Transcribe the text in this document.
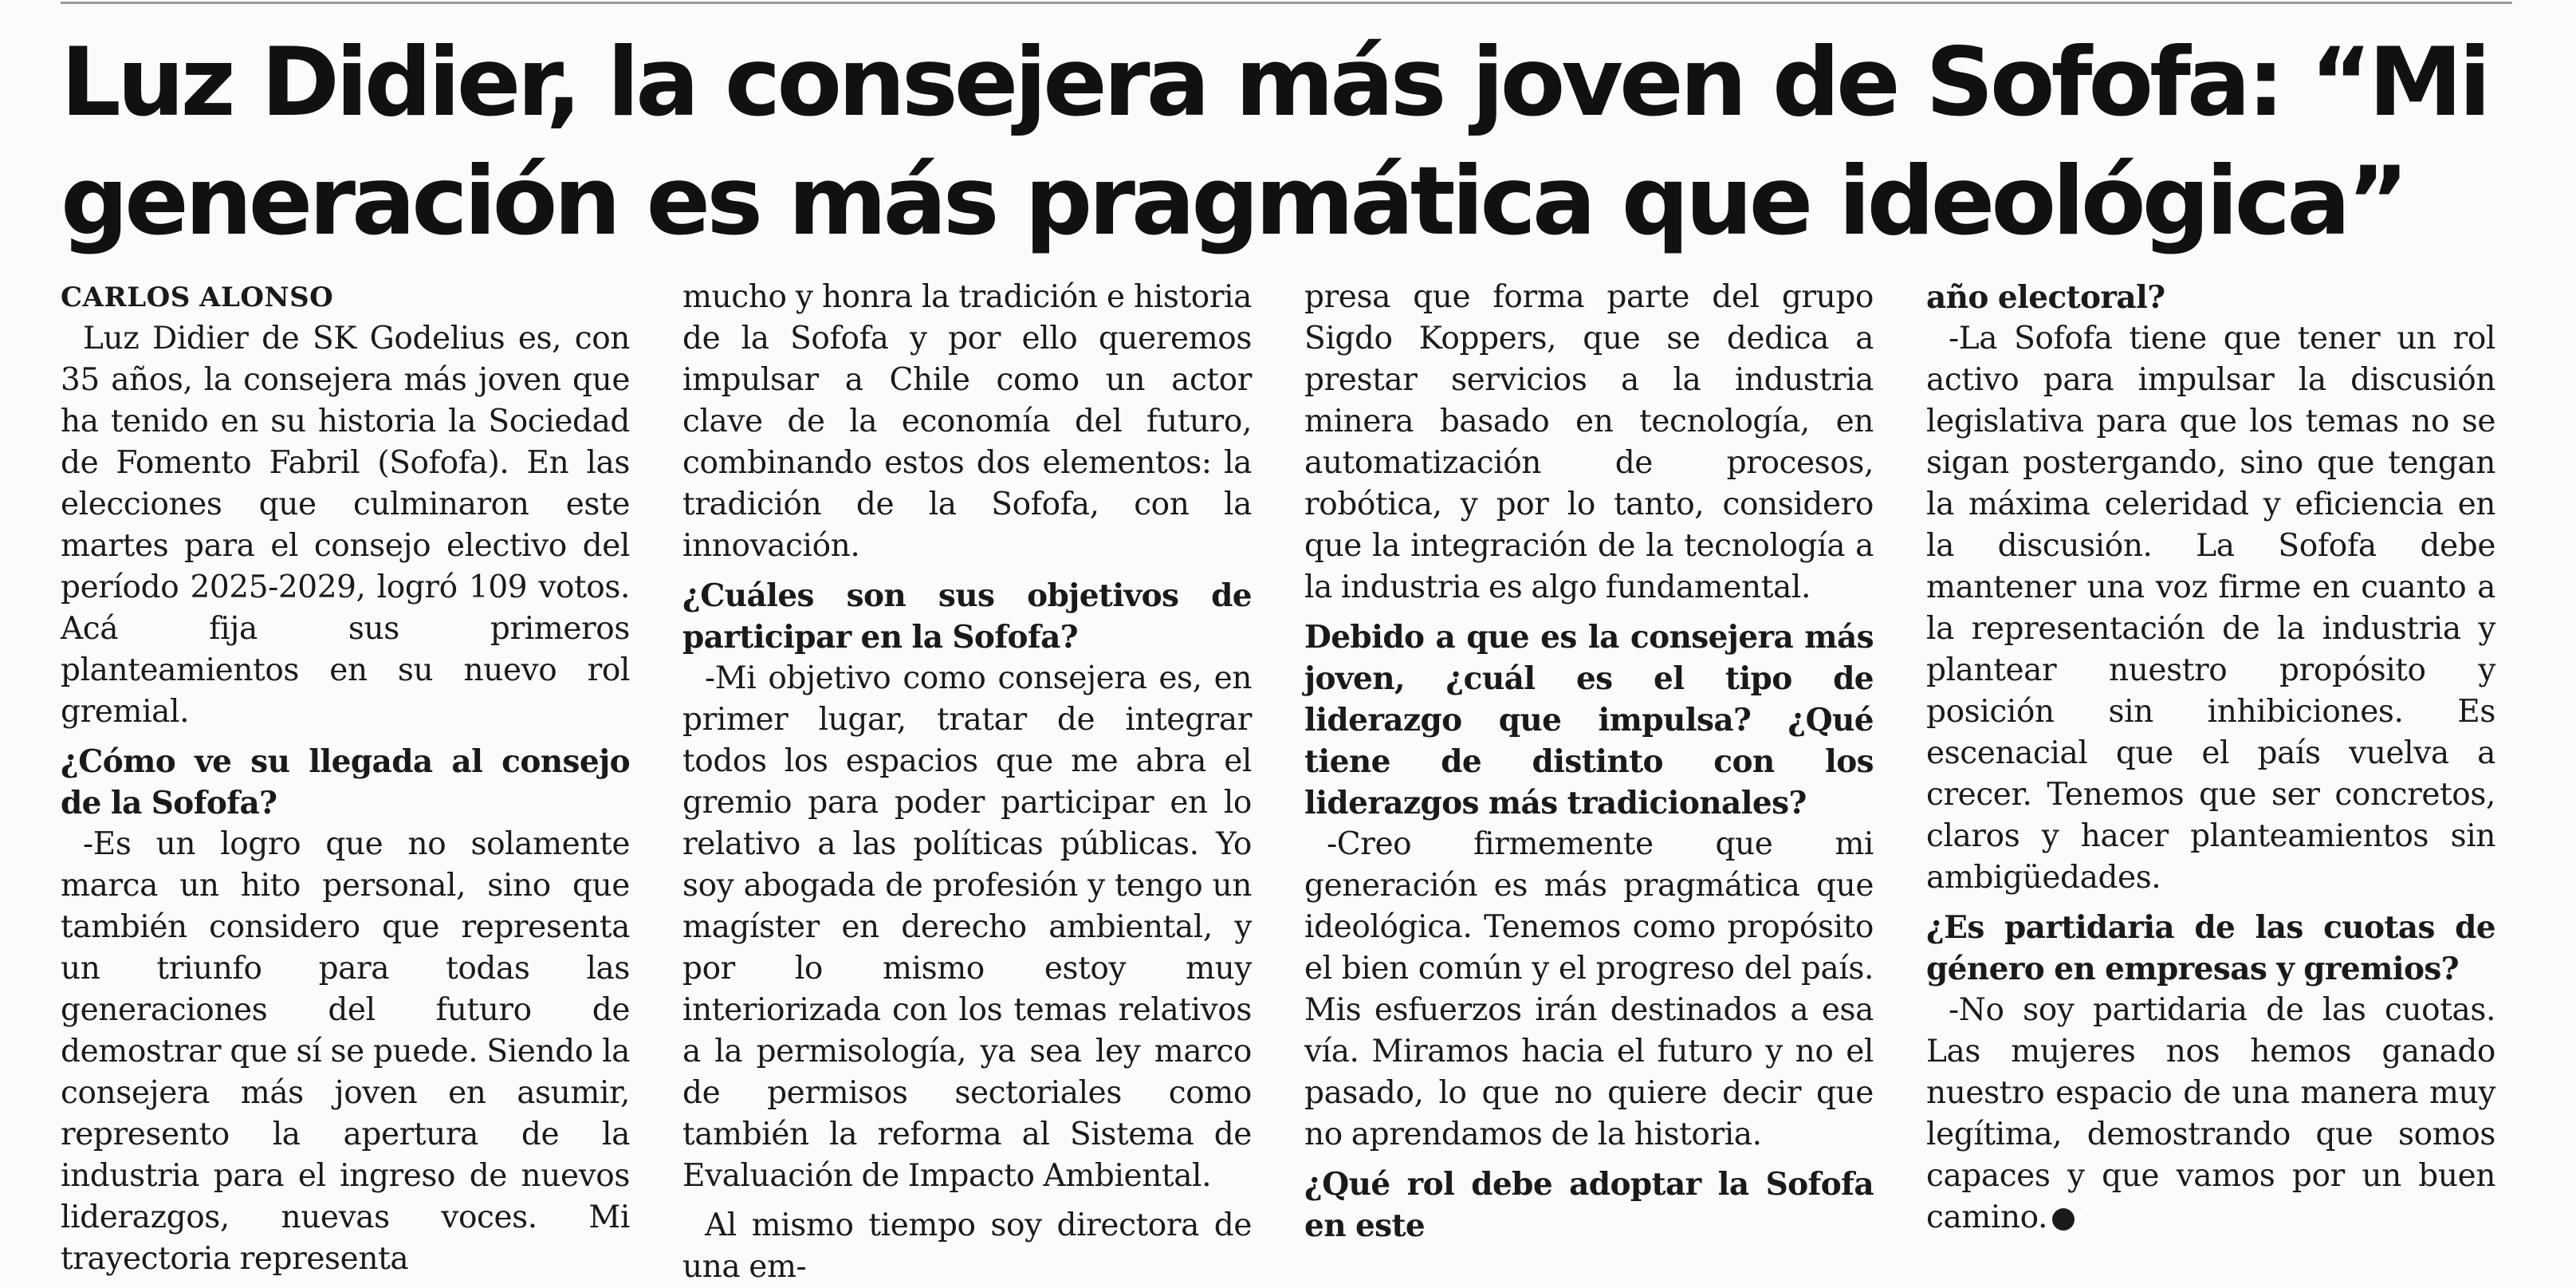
Luz Didier, la consejera más joven de Sofofa: “Mi generación es más pragmática que ideológica”

CARLOS ALONSO

Luz Didier de SK Godelius es, con 35 años, la consejera más joven que ha tenido en su historia la Sociedad de Fomento Fabril (Sofofa). En las elecciones que culminaron este martes para el consejo electivo del período 2025-2029, logró 109 votos. Acá fija sus primeros planteamientos en su nuevo rol gremial.

¿Cómo ve su llegada al consejo de la Sofofa?

-Es un logro que no solamente marca un hito personal, sino que también considero que representa un triunfo para todas las generaciones del futuro de demostrar que sí se puede. Siendo la consejera más joven en asumir, represento la apertura de la industria para el ingreso de nuevos liderazgos, nuevas voces. Mi trayectoria representa

mucho y honra la tradición e historia de la Sofofa y por ello queremos impulsar a Chile como un actor clave de la economía del futuro, combinando estos dos elementos: la tradición de la Sofofa, con la innovación.

¿Cuáles son sus objetivos de participar en la Sofofa?

-Mi objetivo como consejera es, en primer lugar, tratar de integrar todos los espacios que me abra el gremio para poder participar en lo relativo a las políticas públicas. Yo soy abogada de profesión y tengo un magíster en derecho ambiental, y por lo mismo estoy muy interiorizada con los temas relativos a la permisología, ya sea ley marco de permisos sectoriales como también la reforma al Sistema de Evaluación de Impacto Ambiental.

Al mismo tiempo soy directora de una em-

presa que forma parte del grupo Sigdo Koppers, que se dedica a prestar servicios a la industria minera basado en tecnología, en automatización de procesos, robótica, y por lo tanto, considero que la integración de la tecnología a la industria es algo fundamental.

Debido a que es la consejera más joven, ¿cuál es el tipo de liderazgo que impulsa? ¿Qué tiene de distinto con los liderazgos más tradicionales?

-Creo firmemente que mi generación es más pragmática que ideológica. Tenemos como propósito el bien común y el progreso del país. Mis esfuerzos irán destinados a esa vía. Miramos hacia el futuro y no el pasado, lo que no quiere decir que no aprendamos de la historia.

¿Qué rol debe adoptar la Sofofa en este

año electoral?

-La Sofofa tiene que tener un rol activo para impulsar la discusión legislativa para que los temas no se sigan postergando, sino que tengan la máxima celeridad y eficiencia en la discusión. La Sofofa debe mantener una voz firme en cuanto a la representación de la industria y plantear nuestro propósito y posición sin inhibiciones. Es escenacial que el país vuelva a crecer. Tenemos que ser concretos, claros y hacer planteamientos sin ambigüedades.

¿Es partidaria de las cuotas de género en empresas y gremios?

-No soy partidaria de las cuotas. Las mujeres nos hemos ganado nuestro espacio de una manera muy legítima, demostrando que somos capaces y que vamos por un buen camino. P
